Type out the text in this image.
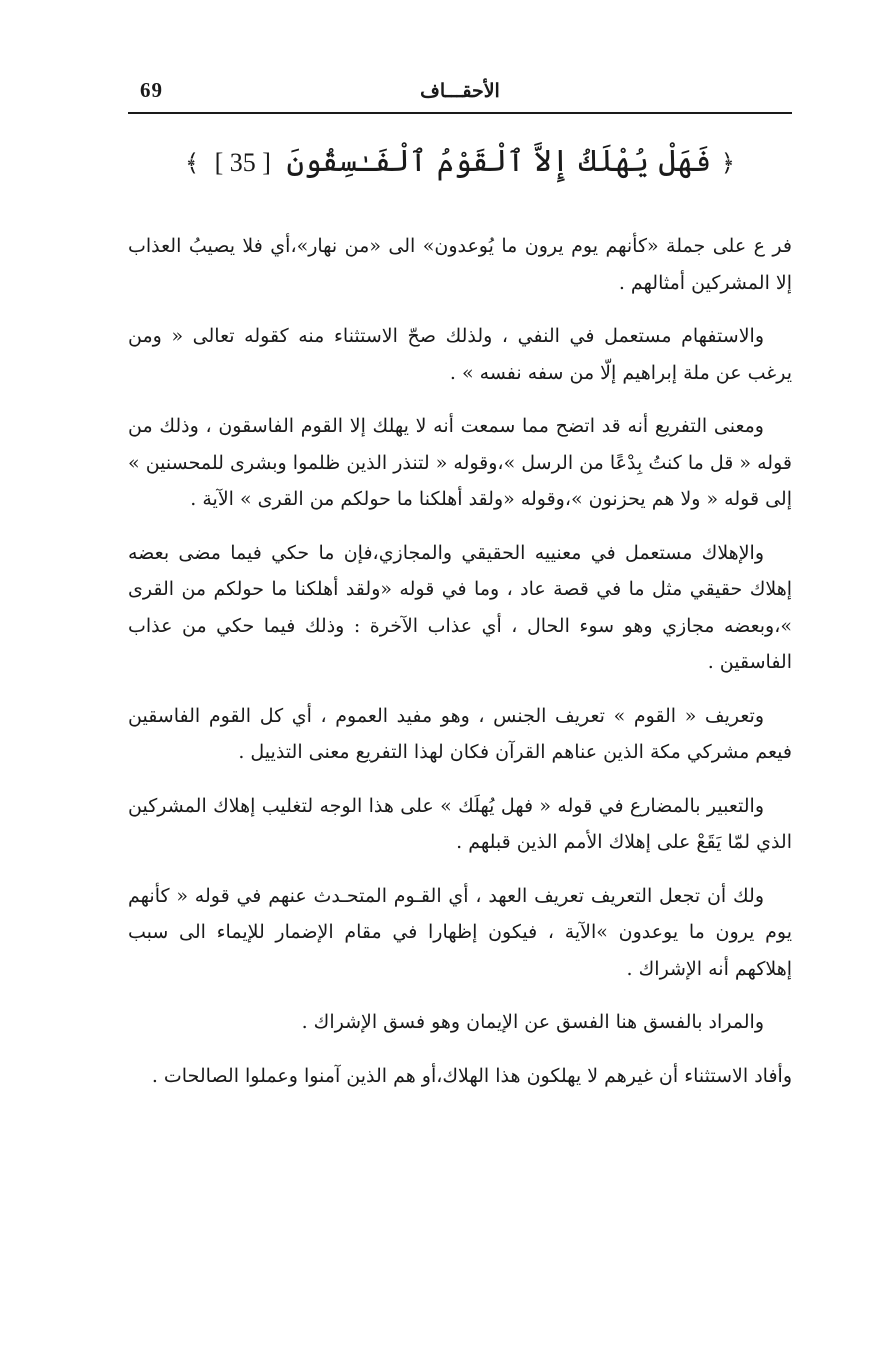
69	الأحقـــاف
﴿ فَهَلْ يُهْلَكُ إِلاَّ ٱلْقَوْمُ ٱلْفَـٰسِقُونَ [ 35 ] ﴾

فر ع على جملة «كأنهم يوم يرون ما يُوعدون» الى «من نهار»،أي فلا يصيبُ العذاب إلا المشركين أمثالهم .

والاستفهام مستعمل في النفي ، ولذلك صحّ الاستثناء منه كقوله تعالى « ومن يرغب عن ملة إبراهيم إلّا من سفه نفسه » .

ومعنى التفريع أنه قد اتضح مما سمعت أنه لا يهلك إلا القوم الفاسقون ، وذلك من قوله « قل ما كنتُ بِدْعًا من الرسل »،وقوله « لتنذر الذين ظلموا وبشرى للمحسنين » إلى قوله « ولا هم يحزنون »،وقوله «ولقد أهلكنا ما حولكم من القرى » الآية .

والإهلاك مستعمل في معنييه الحقيقي والمجازي،فإن ما حكي فيما مضى بعضه إهلاك حقيقي مثل ما في قصة عاد ، وما في قوله «ولقد أهلكنا ما حولكم من القرى »،وبعضه مجازي وهو سوء الحال ، أي عذاب الآخرة : وذلك فيما حكي من عذاب الفاسقين .

وتعريف « القوم » تعريف الجنس ، وهو مفيد العموم ، أي كل القوم الفاسقين فيعم مشركي مكة الذين عناهم القرآن فكان لهذا التفريع معنى التذييل .

والتعبير بالمضارع في قوله « فهل يُهلَك » على هذا الوجه لتغليب إهلاك المشركين الذي لمّا يَقَعْ على إهلاك الأمم الذين قبلهم .

ولك أن تجعل التعريف تعريف العهد ، أي القـوم المتحـدث عنهم في قوله « كأنهم يوم يرون ما يوعدون »الآية ، فيكون إظهارا في مقام الإضمار للإيماء الى سبب إهلاكهم أنه الإشراك .

والمراد بالفسق هنا الفسق عن الإيمان وهو فسق الإشراك .

وأفاد الاستثناء أن غيرهم لا يهلكون هذا الهلاك،أو هم الذين آمنوا وعملوا الصالحات .
